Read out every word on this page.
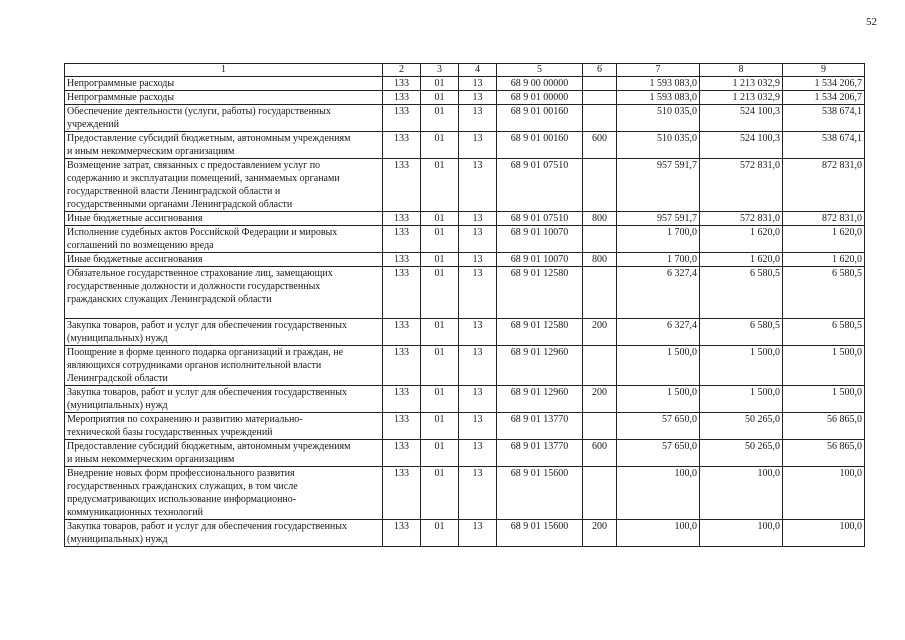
52
1	2	3	4	5	6	7	8	9
Непрограммные расходы	133	01	13	68 9 00 00000		1 593 083,0	1 213 032,9	1 534 206,7
Непрограммные расходы	133	01	13	68 9 01 00000		1 593 083,0	1 213 032,9	1 534 206,7
Обеспечение деятельности (услуги, работы) государственных
учреждений	133	01	13	68 9 01 00160		510 035,0	524 100,3	538 674,1
Предоставление субсидий бюджетным, автономным учреждениям
и иным некоммерческим организациям	133	01	13	68 9 01 00160	600	510 035,0	524 100,3	538 674,1
Возмещение затрат, связанных с предоставлением услуг по
содержанию и эксплуатации помещений, занимаемых органами
государственной власти Ленинградской области и
государственными органами Ленинградской области	133	01	13	68 9 01 07510		957 591,7	572 831,0	872 831,0
Иные бюджетные ассигнования	133	01	13	68 9 01 07510	800	957 591,7	572 831,0	872 831,0
Исполнение судебных актов Российской Федерации и мировых
соглашений по возмещению вреда	133	01	13	68 9 01 10070		1 700,0	1 620,0	1 620,0
Иные бюджетные ассигнования	133	01	13	68 9 01 10070	800	1 700,0	1 620,0	1 620,0
Обязательное государственное страхование лиц, замещающих
государственные должности и должности государственных
гражданских служащих Ленинградской области	133	01	13	68 9 01 12580		6 327,4	6 580,5	6 580,5
Закупка товаров, работ и услуг для обеспечения государственных
(муниципальных) нужд	133	01	13	68 9 01 12580	200	6 327,4	6 580,5	6 580,5
Поощрение в форме ценного подарка организаций и граждан, не
являющихся сотрудниками органов исполнительной власти
Ленинградской области	133	01	13	68 9 01 12960		1 500,0	1 500,0	1 500,0
Закупка товаров, работ и услуг для обеспечения государственных
(муниципальных) нужд	133	01	13	68 9 01 12960	200	1 500,0	1 500,0	1 500,0
Мероприятия по сохранению и развитию материально-
технической базы государственных учреждений	133	01	13	68 9 01 13770		57 650,0	50 265,0	56 865,0
Предоставление субсидий бюджетным, автономным учреждениям
и иным некоммерческим организациям	133	01	13	68 9 01 13770	600	57 650,0	50 265,0	56 865,0
Внедрение новых форм профессионального развития
государственных гражданских служащих, в том числе
предусматривающих использование информационно-
коммуникационных технологий	133	01	13	68 9 01 15600		100,0	100,0	100,0
Закупка товаров, работ и услуг для обеспечения государственных
(муниципальных) нужд	133	01	13	68 9 01 15600	200	100,0	100,0	100,0
